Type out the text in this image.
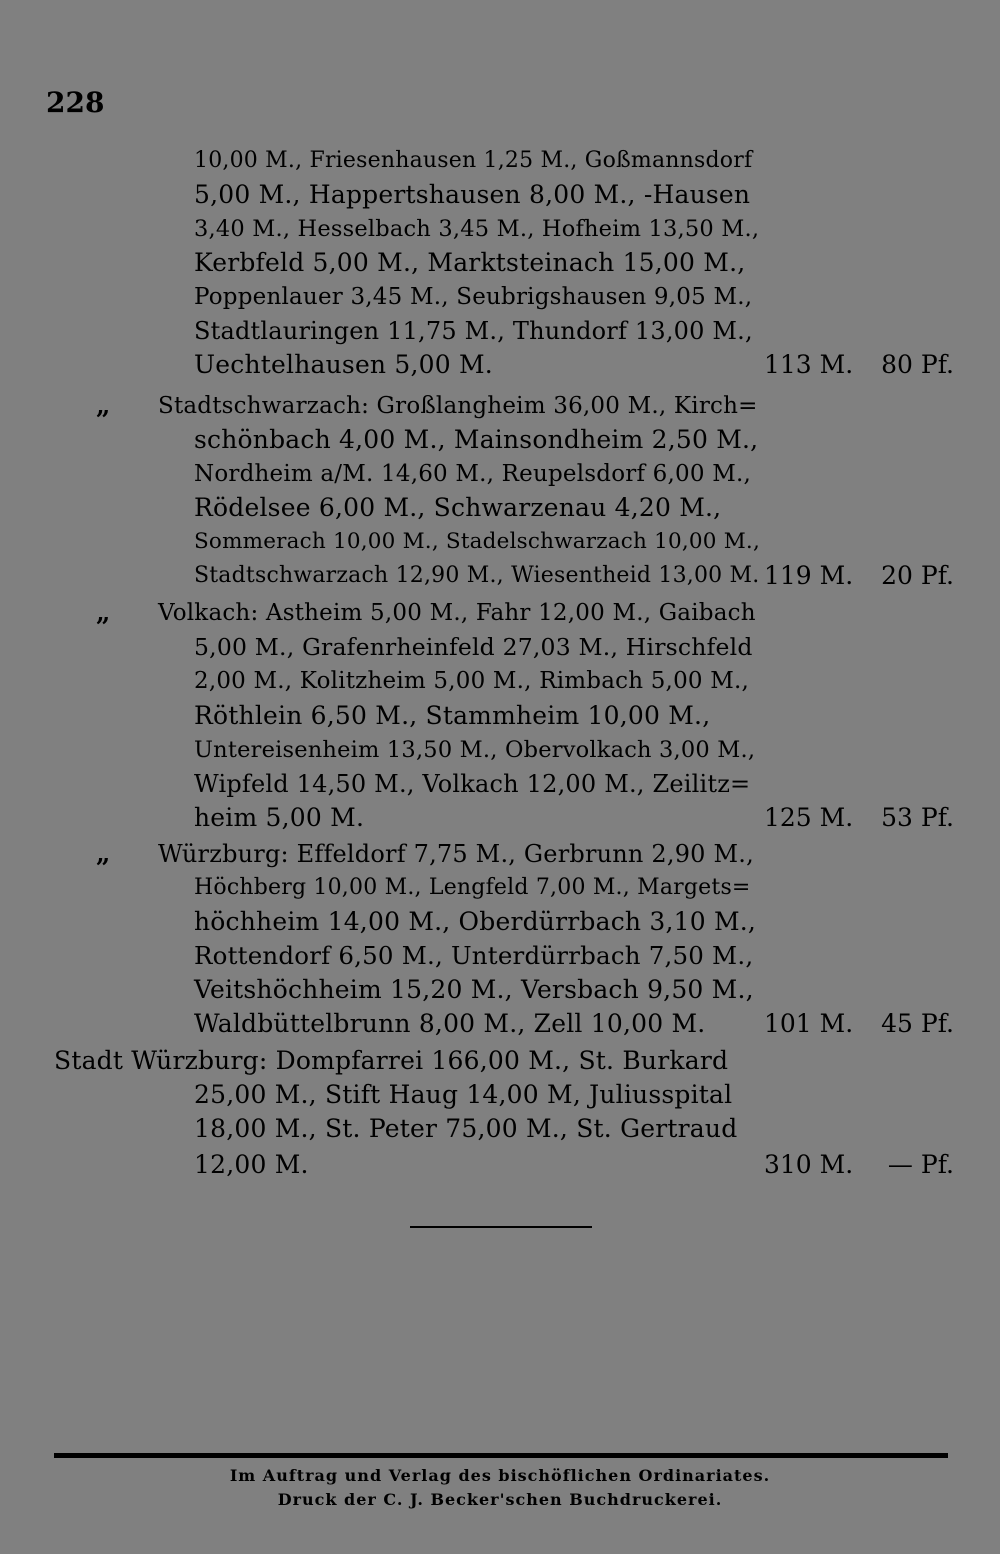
228
10,00 M., Friesenhausen 1,25 M., Goßmannsdorf
5,00 M., Happertshausen 8,00 M., -Hausen
3,40 M., Hesselbach 3,45 M., Hofheim 13,50 M.,
Kerbfeld 5,00 M., Marktsteinach 15,00 M.,
Poppenlauer 3,45 M., Seubrigshausen 9,05 M.,
Stadtlauringen 11,75 M., Thundorf 13,00 M.,
Uechtelhausen 5,00 M.	113 M. 80 Pf.
„ Stadtschwarzach: Großlangheim 36,00 M., Kirch=
schönbach 4,00 M., Mainsondheim 2,50 M.,
Nordheim a/M. 14,60 M., Reupelsdorf 6,00 M.,
Rödelsee 6,00 M., Schwarzenau 4,20 M.,
Sommerach 10,00 M., Stadelschwarzach 10,00 M.,
Stadtschwarzach 12,90 M., Wiesentheid 13,00 M. 119 M. 20 Pf.
„ Volkach: Astheim 5,00 M., Fahr 12,00 M., Gaibach
5,00 M., Grafenrheinfeld 27,03 M., Hirschfeld
2,00 M., Kolitzheim 5,00 M., Rimbach 5,00 M.,
Röthlein 6,50 M., Stammheim 10,00 M.,
Untereisenheim 13,50 M., Obervolkach 3,00 M.,
Wipfeld 14,50 M., Volkach 12,00 M., Zeilitz=
heim 5,00 M.	125 M. 53 Pf.
„ Würzburg: Effeldorf 7,75 M., Gerbrunn 2,90 M.,
Höchberg 10,00 M., Lengfeld 7,00 M., Margets=
höchheim 14,00 M., Oberdürrbach 3,10 M.,
Rottendorf 6,50 M., Unterdürrbach 7,50 M.,
Veitshöchheim 15,20 M., Versbach 9,50 M.,
Waldbüttelbrunn 8,00 M., Zell 10,00 M. 101 M. 45 Pf.
Stadt Würzburg: Dompfarrei 166,00 M., St. Burkard
25,00 M., Stift Haug 14,00 M, Juliusspital
18,00 M., St. Peter 75,00 M., St. Gertraud
12,00 M.	310 M. — Pf.
Im Auftrag und Verlag des bischöflichen Ordinariates.
Druck der C. J. Becker'schen Buchdruckerei.
